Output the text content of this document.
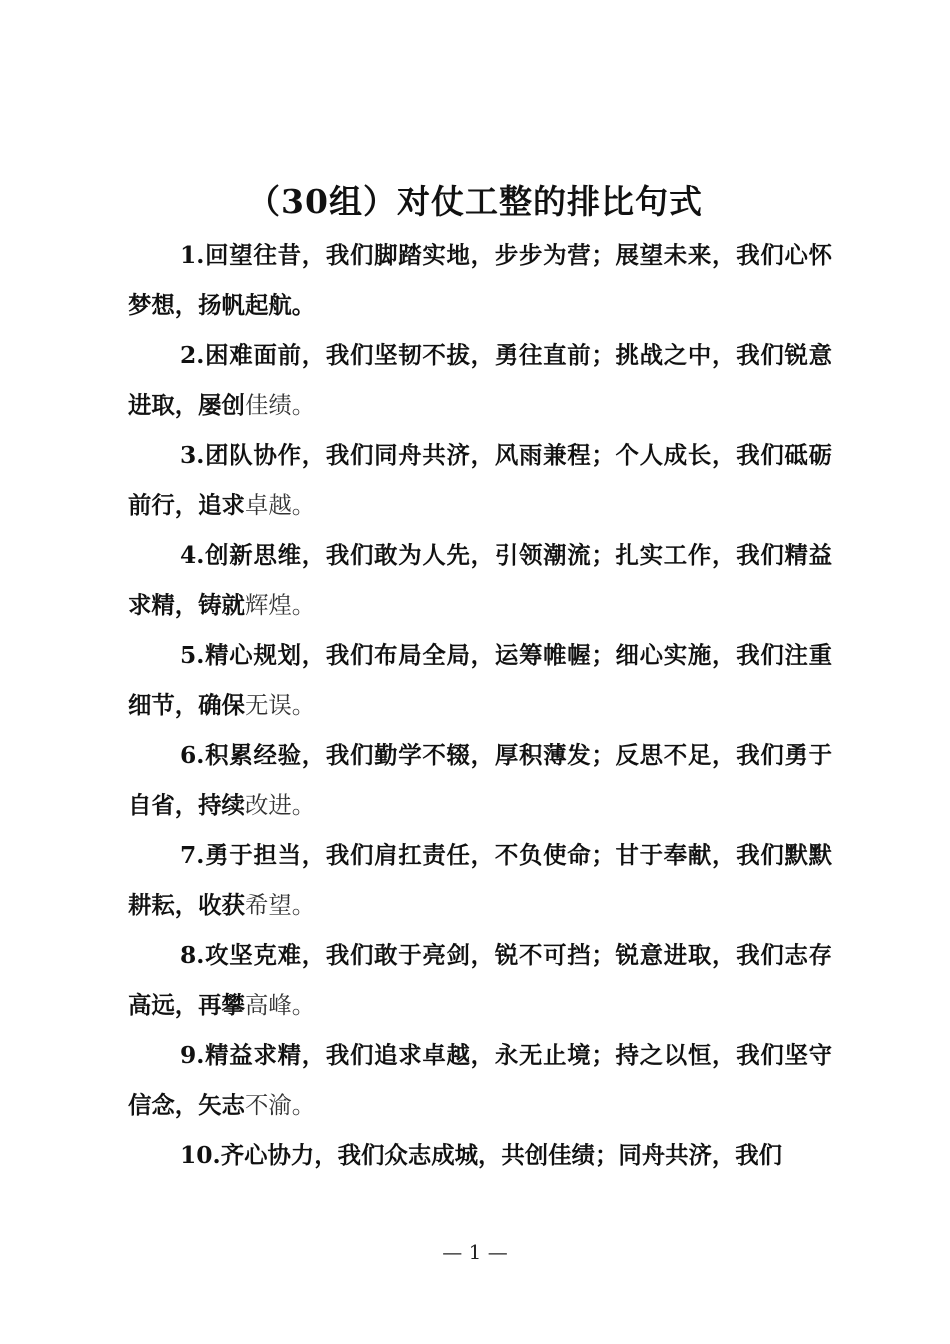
（30组）对仗工整的排比句式

1.回望往昔，我们脚踏实地，步步为营；展望未来，我们心怀梦想，扬帆起航。

2.困难面前，我们坚韧不拔，勇往直前；挑战之中，我们锐意进取，屡创佳绩。

3.团队协作，我们同舟共济，风雨兼程；个人成长，我们砥砺前行，追求卓越。

4.创新思维，我们敢为人先，引领潮流；扎实工作，我们精益求精，铸就辉煌。

5.精心规划，我们布局全局，运筹帷幄；细心实施，我们注重细节，确保无误。

6.积累经验，我们勤学不辍，厚积薄发；反思不足，我们勇于自省，持续改进。

7.勇于担当，我们肩扛责任，不负使命；甘于奉献，我们默默耕耘，收获希望。

8.攻坚克难，我们敢于亮剑，锐不可挡；锐意进取，我们志存高远，再攀高峰。

9.精益求精，我们追求卓越，永无止境；持之以恒，我们坚守信念，矢志不渝。

10.齐心协力，我们众志成城，共创佳绩；同舟共济，我们

— 1 —
